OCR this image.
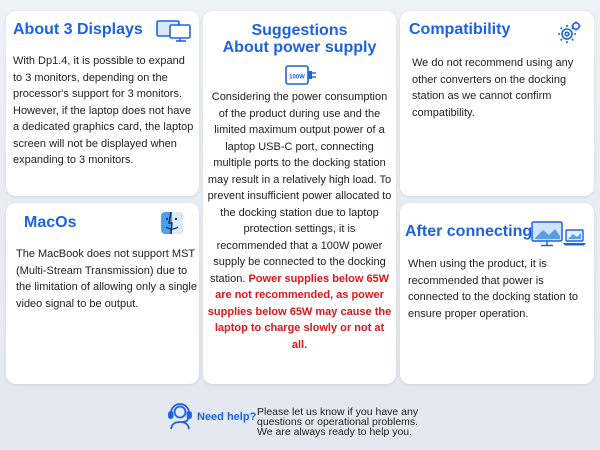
About 3 Displays
With Dp1.4, it is possible to expand to 3 monitors, depending on the processor's support for 3 monitors. However, if the laptop does not have a dedicated graphics card, the laptop screen will not be displayed when expanding to 3 monitors.
Suggestions
About power supply
100W
Considering the power consumption of the product during use and the limited maximum output power of a laptop USB-C port, connecting multiple ports to the docking station may result in a relatively high load. To prevent insufficient power allocated to the docking station due to laptop protection settings, it is recommended that a 100W power supply be connected to the docking station. Power supplies below 65W are not recommended, as power supplies below 65W may cause the laptop to charge slowly or not at all.
Compatibility
We do not recommend using any other converters on the docking station as we cannot confirm compatibility.
MacOs
The MacBook does not support MST (Multi-Stream Transmission) due to the limitation of allowing only a single video signal to be output.
After connecting
When using the product, it is recommended that power is connected to the docking station to ensure proper operation.
Need help? Please let us know if you have any
questions or operational problems.
We are always ready to help you.
